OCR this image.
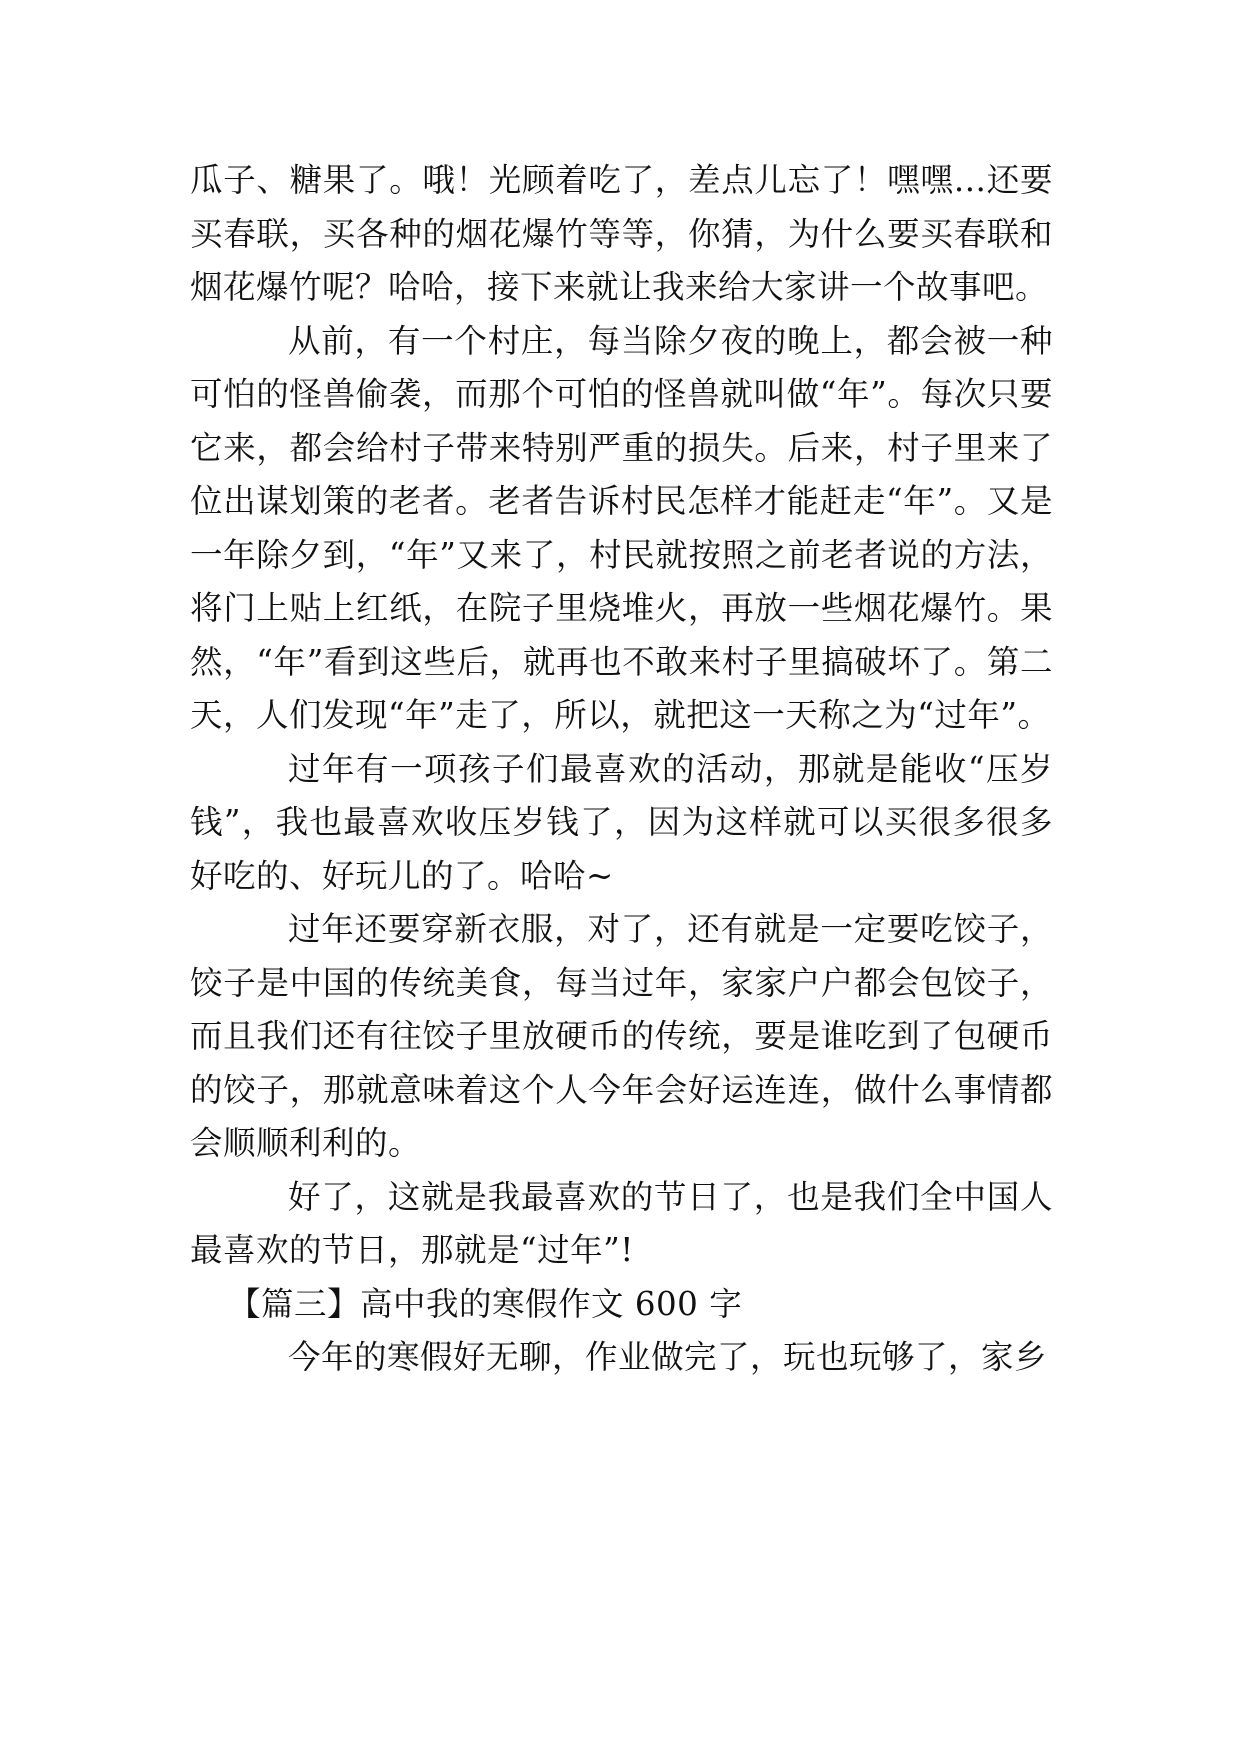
瓜子、糖果了。哦！光顾着吃了，差点儿忘了！嘿嘿…还要买春联，买各种的烟花爆竹等等，你猜，为什么要买春联和烟花爆竹呢？哈哈，接下来就让我来给大家讲一个故事吧。

从前，有一个村庄，每当除夕夜的晚上，都会被一种可怕的怪兽偷袭，而那个可怕的怪兽就叫做“年”。每次只要它来，都会给村子带来特别严重的损失。后来，村子里来了位出谋划策的老者。老者告诉村民怎样才能赶走“年”。又是一年除夕到，“年”又来了，村民就按照之前老者说的方法，将门上贴上红纸，在院子里烧堆火，再放一些烟花爆竹。果然，“年”看到这些后，就再也不敢来村子里搞破坏了。第二天，人们发现“年”走了，所以，就把这一天称之为“过年”。

过年有一项孩子们最喜欢的活动，那就是能收“压岁钱”，我也最喜欢收压岁钱了，因为这样就可以买很多很多好吃的、好玩儿的了。哈哈~

过年还要穿新衣服，对了，还有就是一定要吃饺子，饺子是中国的传统美食，每当过年，家家户户都会包饺子，而且我们还有往饺子里放硬币的传统，要是谁吃到了包硬币的饺子，那就意味着这个人今年会好运连连，做什么事情都会顺顺利利的。

好了，这就是我最喜欢的节日了，也是我们全中国人最喜欢的节日，那就是“过年”!

【篇三】高中我的寒假作文 600 字

今年的寒假好无聊，作业做完了，玩也玩够了，家乡
